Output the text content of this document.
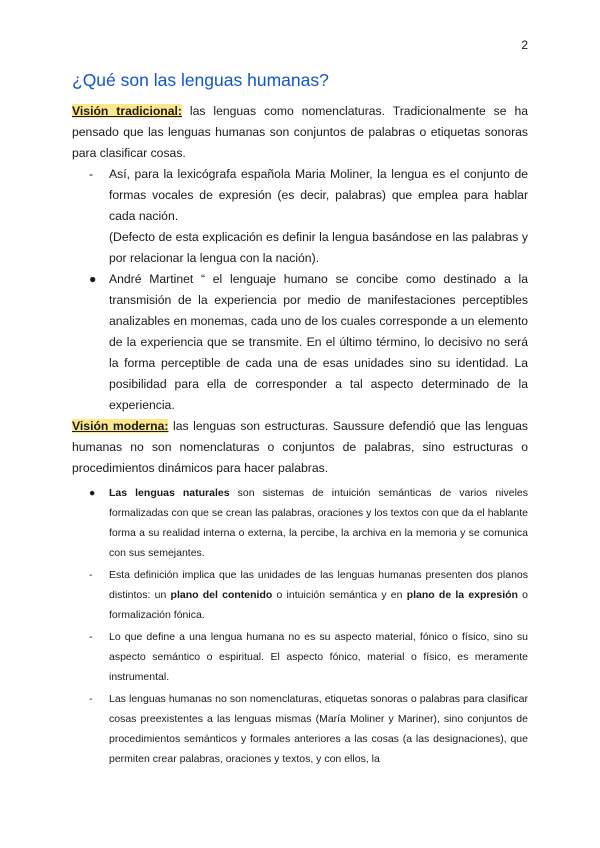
2
¿Qué son las lenguas humanas?

Visión tradicional: las lenguas como nomenclaturas. Tradicionalmente se ha pensado que las lenguas humanas son conjuntos de palabras o etiquetas sonoras para clasificar cosas.

- Así, para la lexicógrafa española Maria Moliner, la lengua es el conjunto de formas vocales de expresión (es decir, palabras) que emplea para hablar cada nación.
(Defecto de esta explicación es definir la lengua basándose en las palabras y por relacionar la lengua con la nación).
● André Martinet “ el lenguaje humano se concibe como destinado a la transmisión de la experiencia por medio de manifestaciones perceptibles analizables en monemas, cada uno de los cuales corresponde a un elemento de la experiencia que se transmite. En el último término, lo decisivo no será la forma perceptible de cada una de esas unidades sino su identidad. La posibilidad para ella de corresponder a tal aspecto determinado de la experiencia.

Visión moderna: las lenguas son estructuras. Saussure defendió que las lenguas humanas no son nomenclaturas o conjuntos de palabras, sino estructuras o procedimientos dinámicos para hacer palabras.

● Las lenguas naturales son sistemas de intuición semánticas de varios niveles formalizadas con que se crean las palabras, oraciones y los textos con que da el hablante forma a su realidad interna o externa, la percibe, la archiva en la memoria y se comunica con sus semejantes.
- Esta definición implica que las unidades de las lenguas humanas presenten dos planos distintos: un plano del contenido o intuición semántica y en plano de la expresión o formalización fónica.
- Lo que define a una lengua humana no es su aspecto material, fónico o físico, sino su aspecto semántico o espiritual. El aspecto fónico, material o físico, es meramente instrumental.
- Las lenguas humanas no son nomenclaturas, etiquetas sonoras o palabras para clasificar cosas preexistentes a las lenguas mismas (María Moliner y Mariner), sino conjuntos de procedimientos semánticos y formales anteriores a las cosas (a las designaciones), que permiten crear palabras, oraciones y textos, y con ellos, la
